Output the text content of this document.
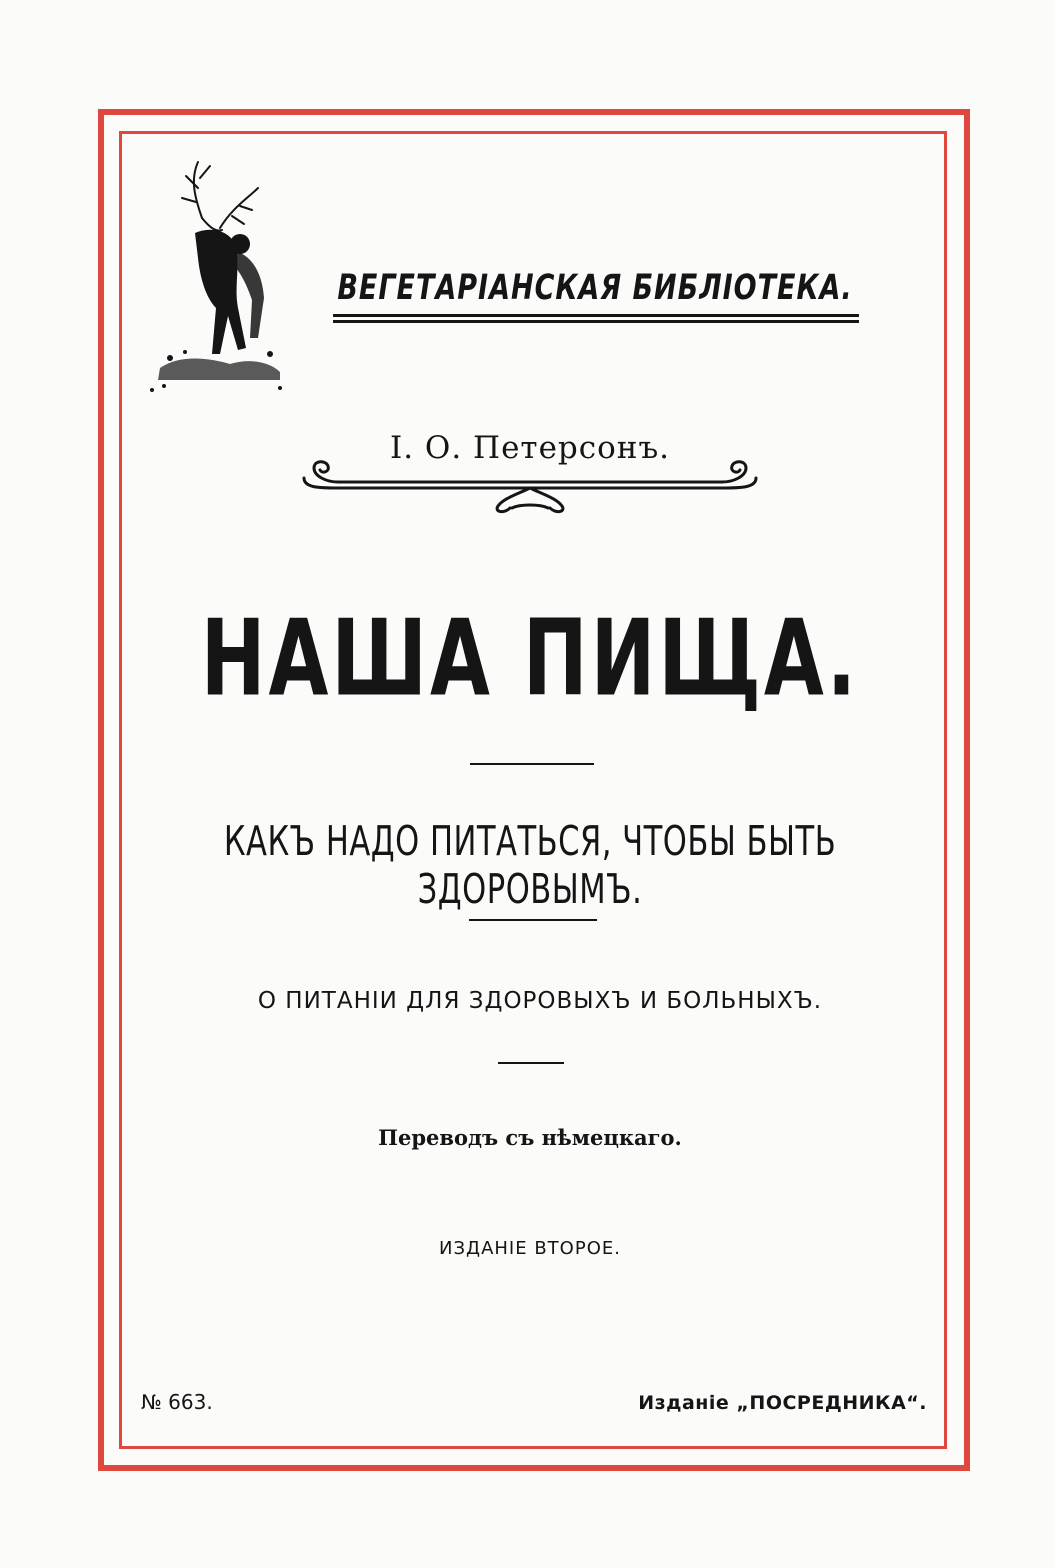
ВЕГЕТАРІАНСКАЯ БИБЛІОТЕКА.
І. О. Петерсонъ.
НАША ПИЩА.
КАКЪ НАДО ПИТАТЬСЯ, ЧТОБЫ БЫТЬ ЗДОРОВЫМЪ.
О ПИТАНІИ ДЛЯ ЗДОРОВЫХЪ И БОЛЬНЫХЪ.
Переводъ съ нѣмецкаго.
ИЗДАНІЕ ВТОРОЕ.
№ 663.	Изданіе „ПОСРЕДНИКА“.
